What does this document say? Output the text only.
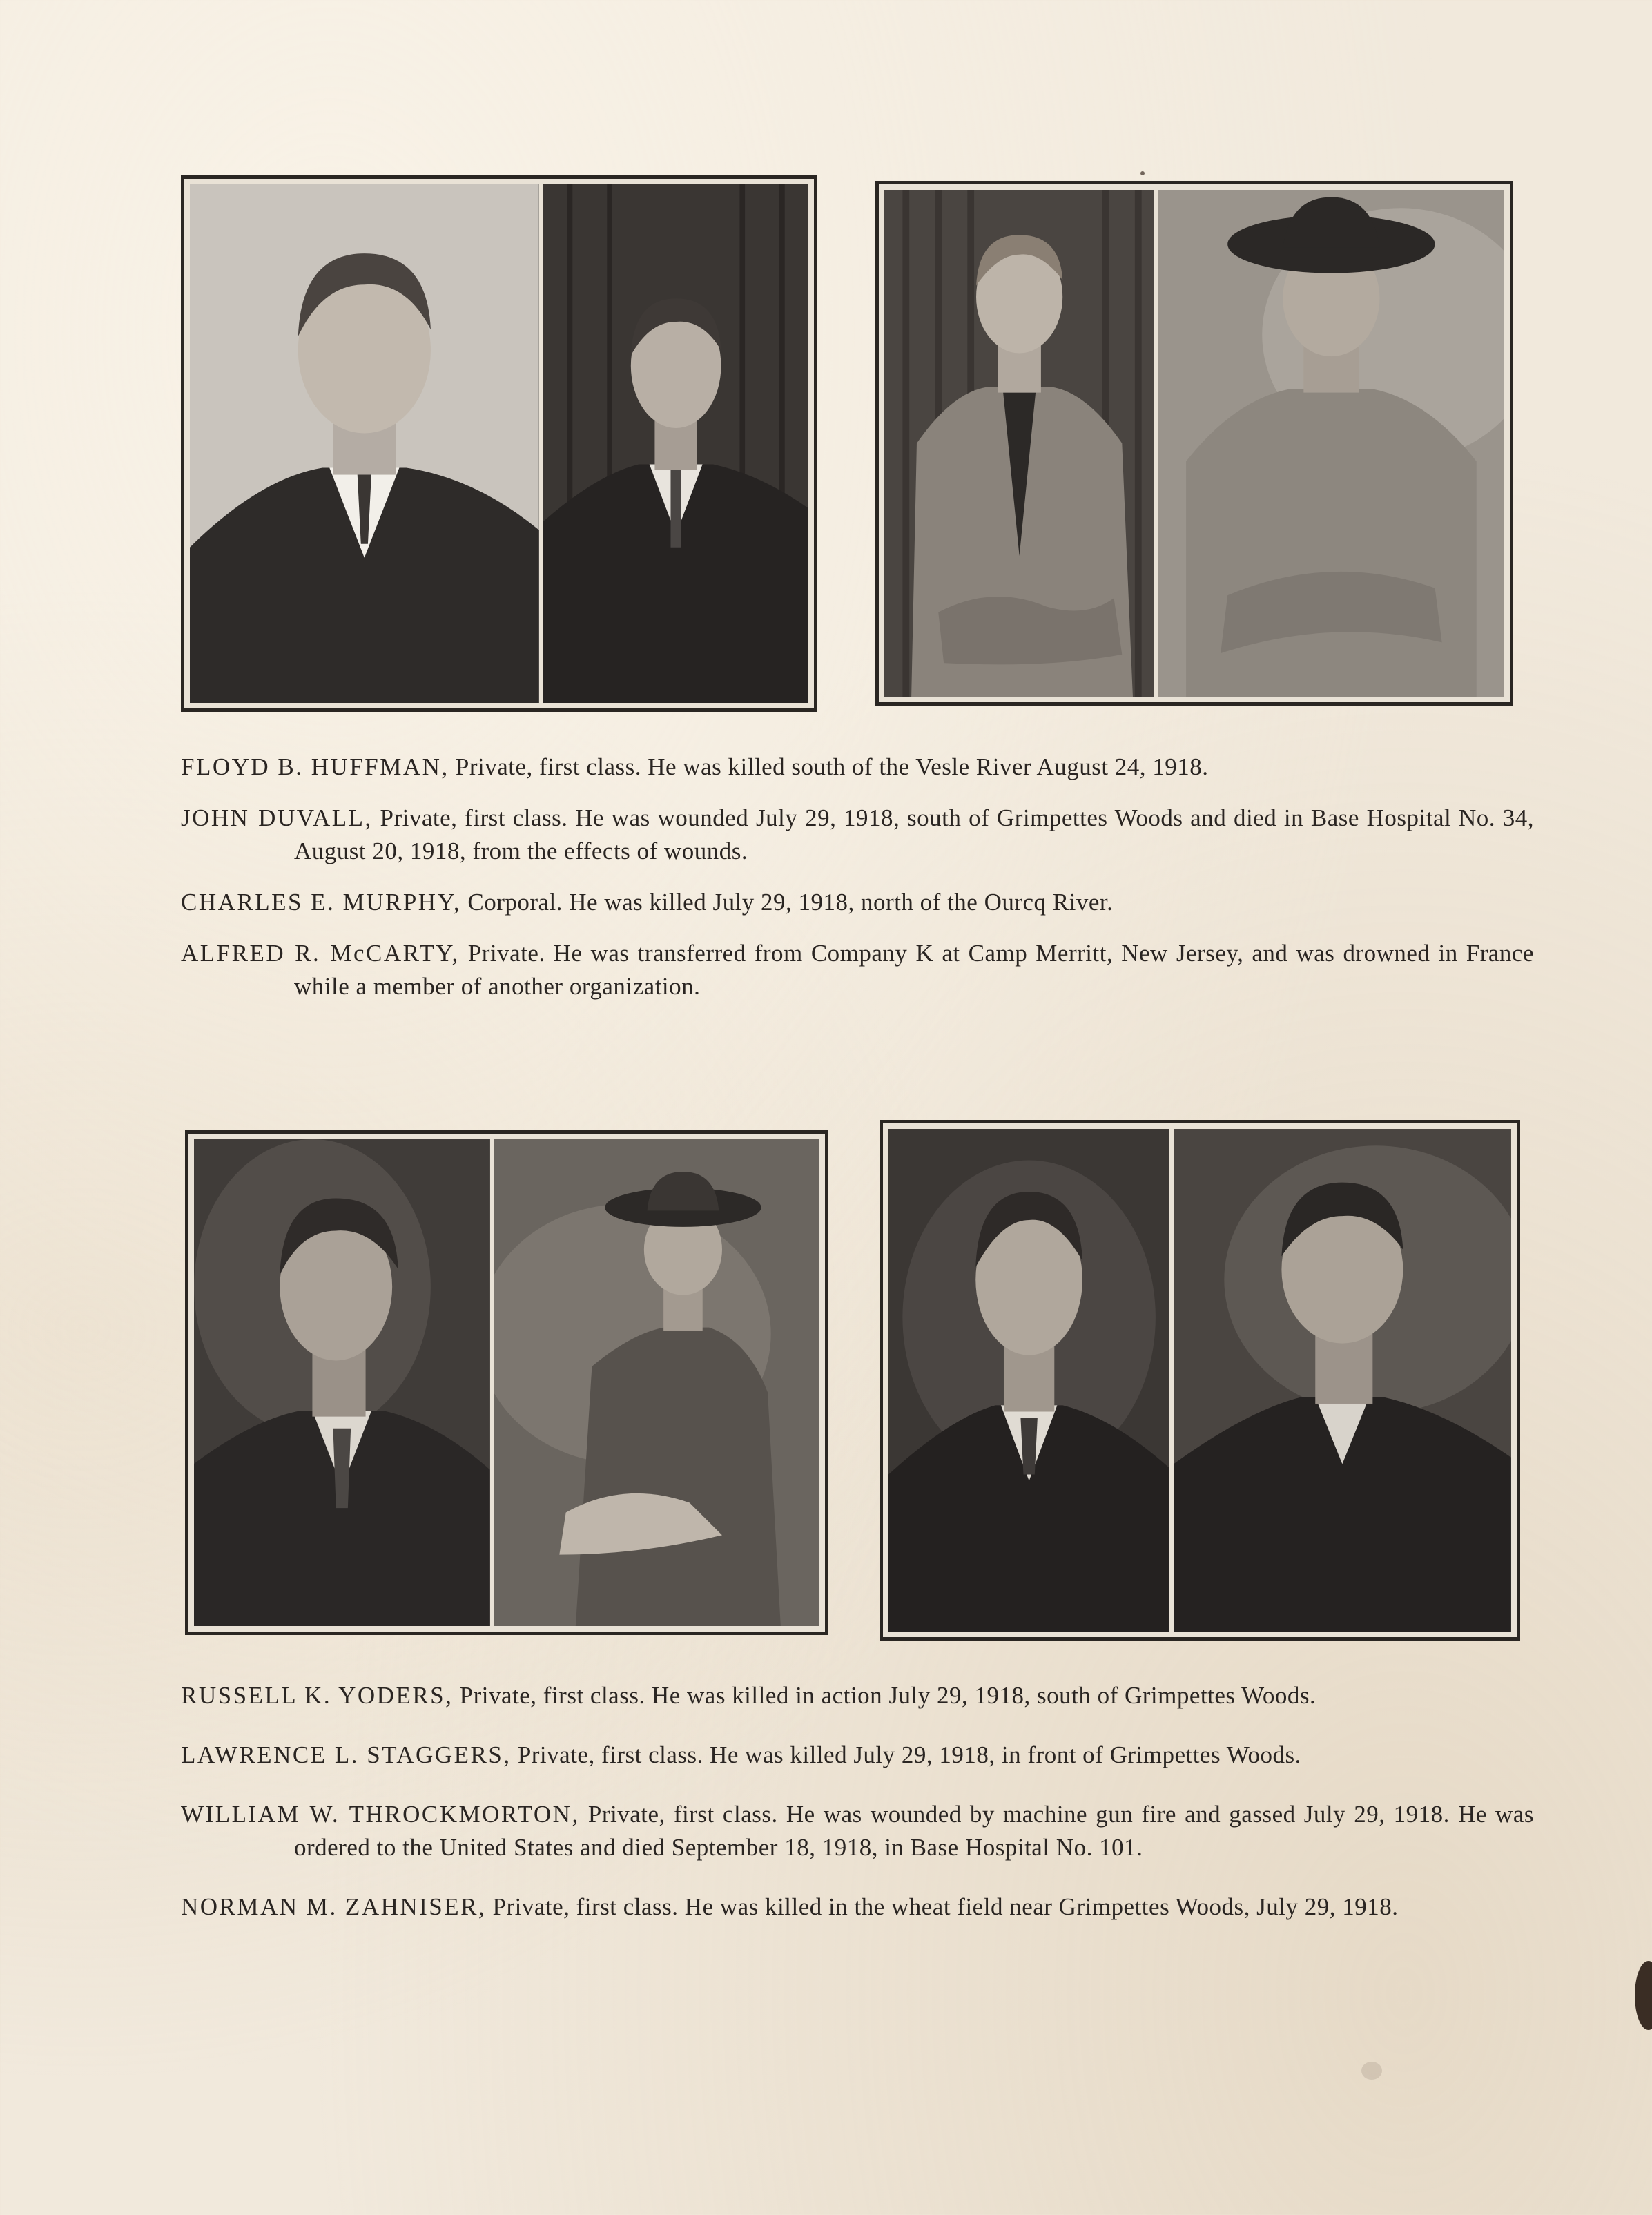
FLOYD B. HUFFMAN, Private, first class. He was killed south of the Vesle River August 24, 1918.

JOHN DUVALL, Private, first class. He was wounded July 29, 1918, south of Grimpettes Woods and died in Base Hospital No. 34, August 20, 1918, from the effects of wounds.

CHARLES E. MURPHY, Corporal. He was killed July 29, 1918, north of the Ourcq River.

ALFRED R. McCARTY, Private. He was transferred from Company K at Camp Merritt, New Jersey, and was drowned in France while a member of another organization.

RUSSELL K. YODERS, Private, first class. He was killed in action July 29, 1918, south of Grimpettes Woods.

LAWRENCE L. STAGGERS, Private, first class. He was killed July 29, 1918, in front of Grimpettes Woods.

WILLIAM W. THROCKMORTON, Private, first class. He was wounded by machine gun fire and gassed July 29, 1918. He was ordered to the United States and died September 18, 1918, in Base Hospital No. 101.

NORMAN M. ZAHNISER, Private, first class. He was killed in the wheat field near Grimpettes Woods, July 29, 1918.
